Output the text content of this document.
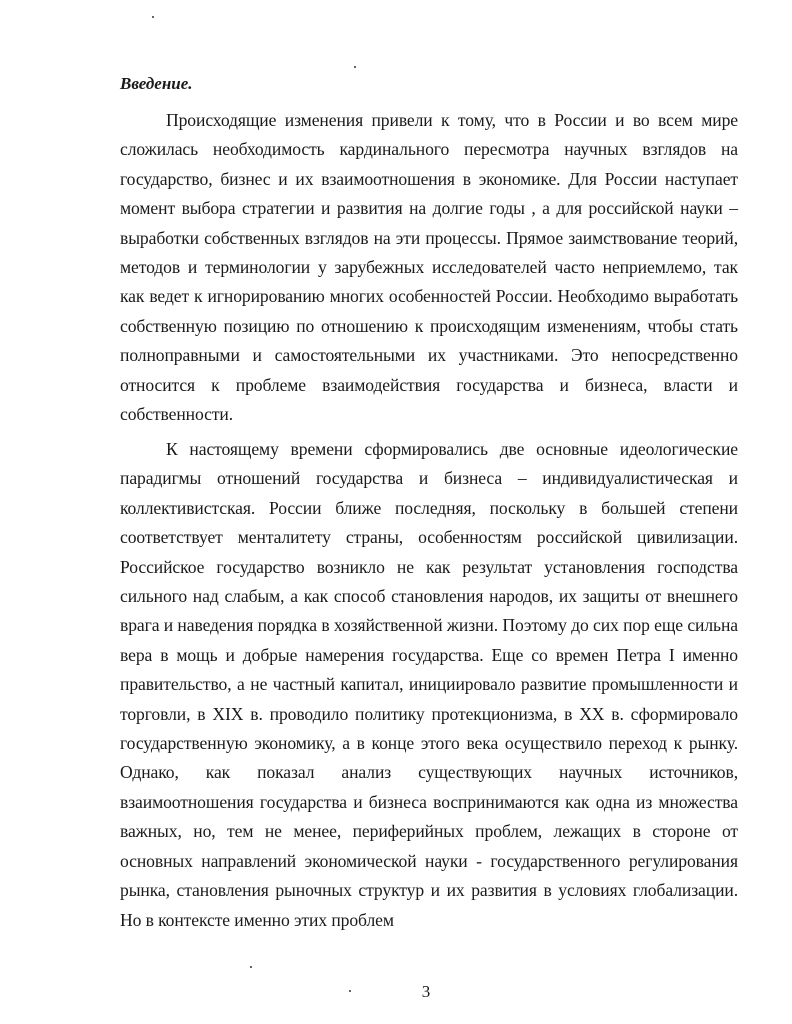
Введение.

Происходящие изменения привели к тому, что в России и во всем мире сложилась необходимость кардинального пересмотра научных взглядов на государство, бизнес и их взаимоотношения в экономике. Для России наступает момент выбора стратегии и развития на долгие годы , а для российской науки – выработки собственных взглядов на эти процессы. Прямое заимствование теорий, методов и терминологии у зарубежных исследователей часто неприемлемо, так как ведет к игнорированию многих особенностей России. Необходимо выработать собственную позицию по отношению к происходящим изменениям, чтобы стать полноправными и самостоятельными их участниками. Это непосредственно относится к проблеме взаимодействия государства и бизнеса, власти и собственности.

К настоящему времени сформировались две основные идеологические парадигмы отношений государства и бизнеса – индивидуалистическая и коллективистская. России ближе последняя, поскольку в большей степени соответствует менталитету страны, особенностям российской цивилизации. Российское государство возникло не как результат установления господства сильного над слабым, а как способ становления народов, их защиты от внешнего врага и наведения порядка в хозяйственной жизни. Поэтому до сих пор еще сильна вера в мощь и добрые намерения государства. Еще со времен Петра I именно правительство, а не частный капитал, инициировало развитие промышленности и торговли, в XIX в. проводило политику протекционизма, в XX в. сформировало государственную экономику, а в конце этого века осуществило переход к рынку. Однако, как показал анализ существующих научных источников, взаимоотношения государства и бизнеса воспринимаются как одна из множества важных, но, тем не менее, периферийных проблем, лежащих в стороне от основных направлений экономической науки - государственного регулирования рынка, становления рыночных структур и их развития в условиях глобализации. Но в контексте именно этих проблем

3
